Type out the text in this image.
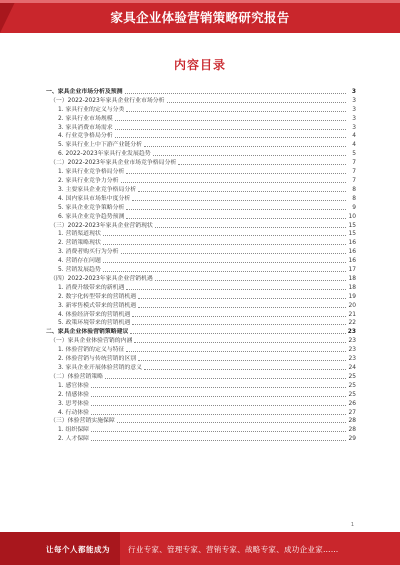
家具企业体验营销策略研究报告
内容目录
一、家具企业市场分析及预测	3
（一）2022-2023年家具企业行业市场分析	3
1. 家具行业的定义与分类	3
2. 家具行业市场规模	3
3. 家具消费市场需求	3
4. 行业竞争格局分析	4
5. 家具行业上中下游产业链分析	4
6. 2022-2023年家具行业发展趋势	5
（二）2022-2023年家具企业市场竞争格局分析	7
1. 家具行业竞争格局分析	7
2. 家具行业竞争力分析	7
3. 主要家具企业竞争格局分析	8
4. 国内家具市场集中度分析	8
5. 家具企业竞争策略分析	9
6. 家具企业竞争趋势预测	10
（三）2022-2023年家具企业营销现状	15
1. 营销渠道现状	15
2. 营销策略现状	16
3. 消费者购买行为分析	16
4. 营销存在问题	16
5. 营销发展趋势	17
（四）2022-2023年家具企业营销机遇	18
1. 消费升级带来的新机遇	18
2. 数字化转型带来的营销机遇	19
3. 新零售模式带来的营销机遇	20
4. 体验经济带来的营销机遇	21
5. 政策环境带来的营销机遇	22
二、家具企业体验营销策略建议	23
（一）家具企业体验营销的内涵	23
1. 体验营销的定义与特征	23
2. 体验营销与传统营销的区别	23
3. 家具企业开展体验营销的意义	24
（二）体验营销策略	25
1. 感官体验	25
2. 情感体验	25
3. 思考体验	26
4. 行动体验	27
（三）体验营销实施保障	28
1. 组织保障	28
2. 人才保障	29
1
让每个人都能成为 行业专家、管理专家、营销专家、战略专家、成功企业家……
